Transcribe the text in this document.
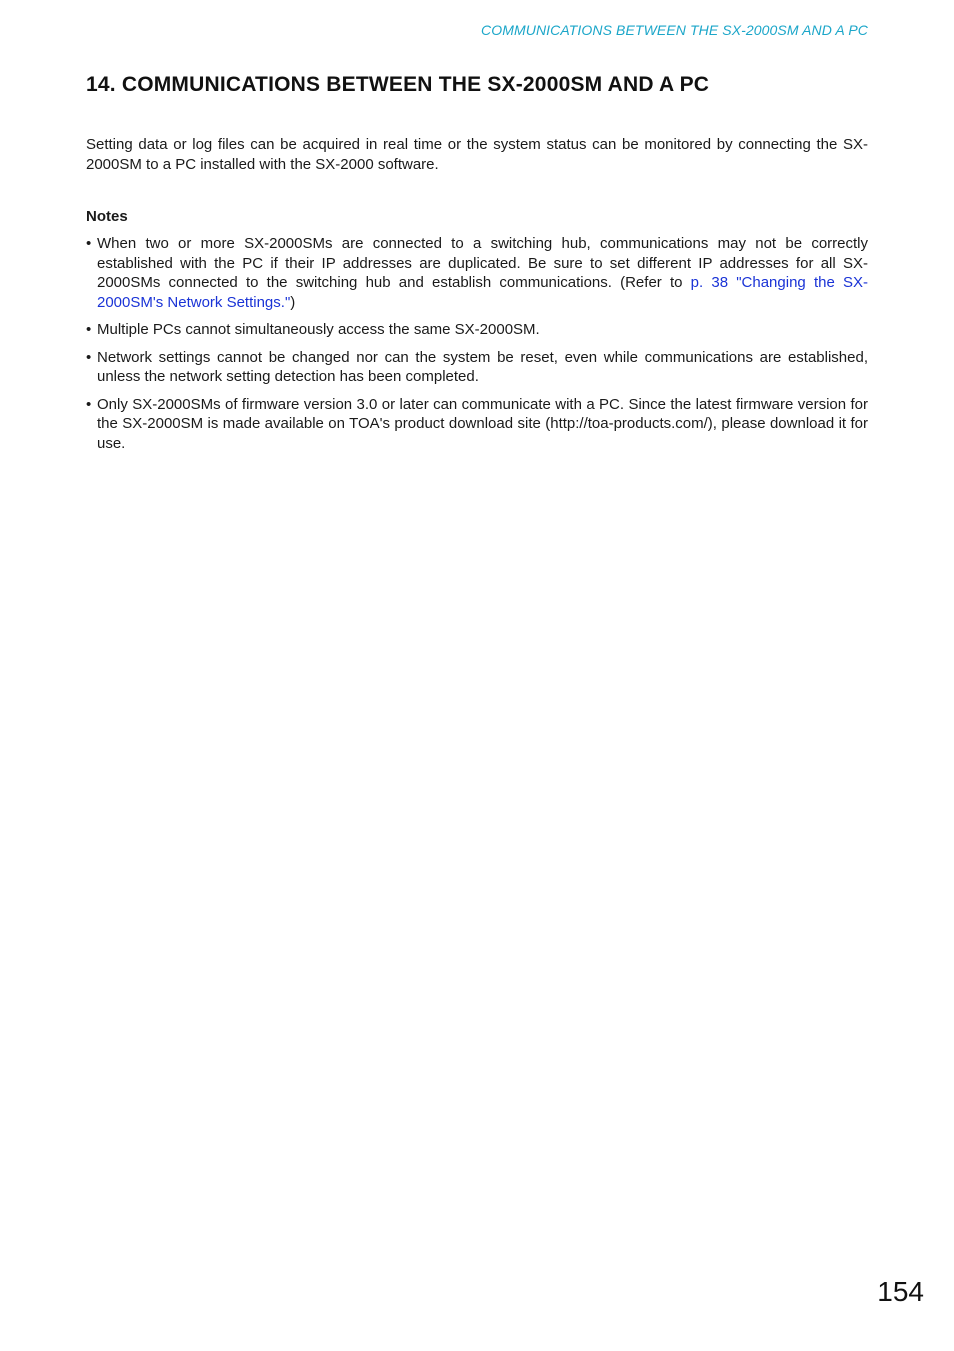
COMMUNICATIONS BETWEEN THE SX-2000SM AND A PC
14. COMMUNICATIONS BETWEEN THE SX-2000SM AND A PC

Setting data or log files can be acquired in real time or the system status can be monitored by connecting the SX-2000SM to a PC installed with the SX-2000 software.

Notes
• When two or more SX-2000SMs are connected to a switching hub, communications may not be correctly established with the PC if their IP addresses are duplicated. Be sure to set different IP addresses for all SX-2000SMs connected to the switching hub and establish communications. (Refer to p. 38 "Changing the SX-2000SM's Network Settings.")
• Multiple PCs cannot simultaneously access the same SX-2000SM.
• Network settings cannot be changed nor can the system be reset, even while communications are established, unless the network setting detection has been completed.
• Only SX-2000SMs of firmware version 3.0 or later can communicate with a PC. Since the latest firmware version for the SX-2000SM is made available on TOA's product download site (http://toa-products.com/), please download it for use.
154
